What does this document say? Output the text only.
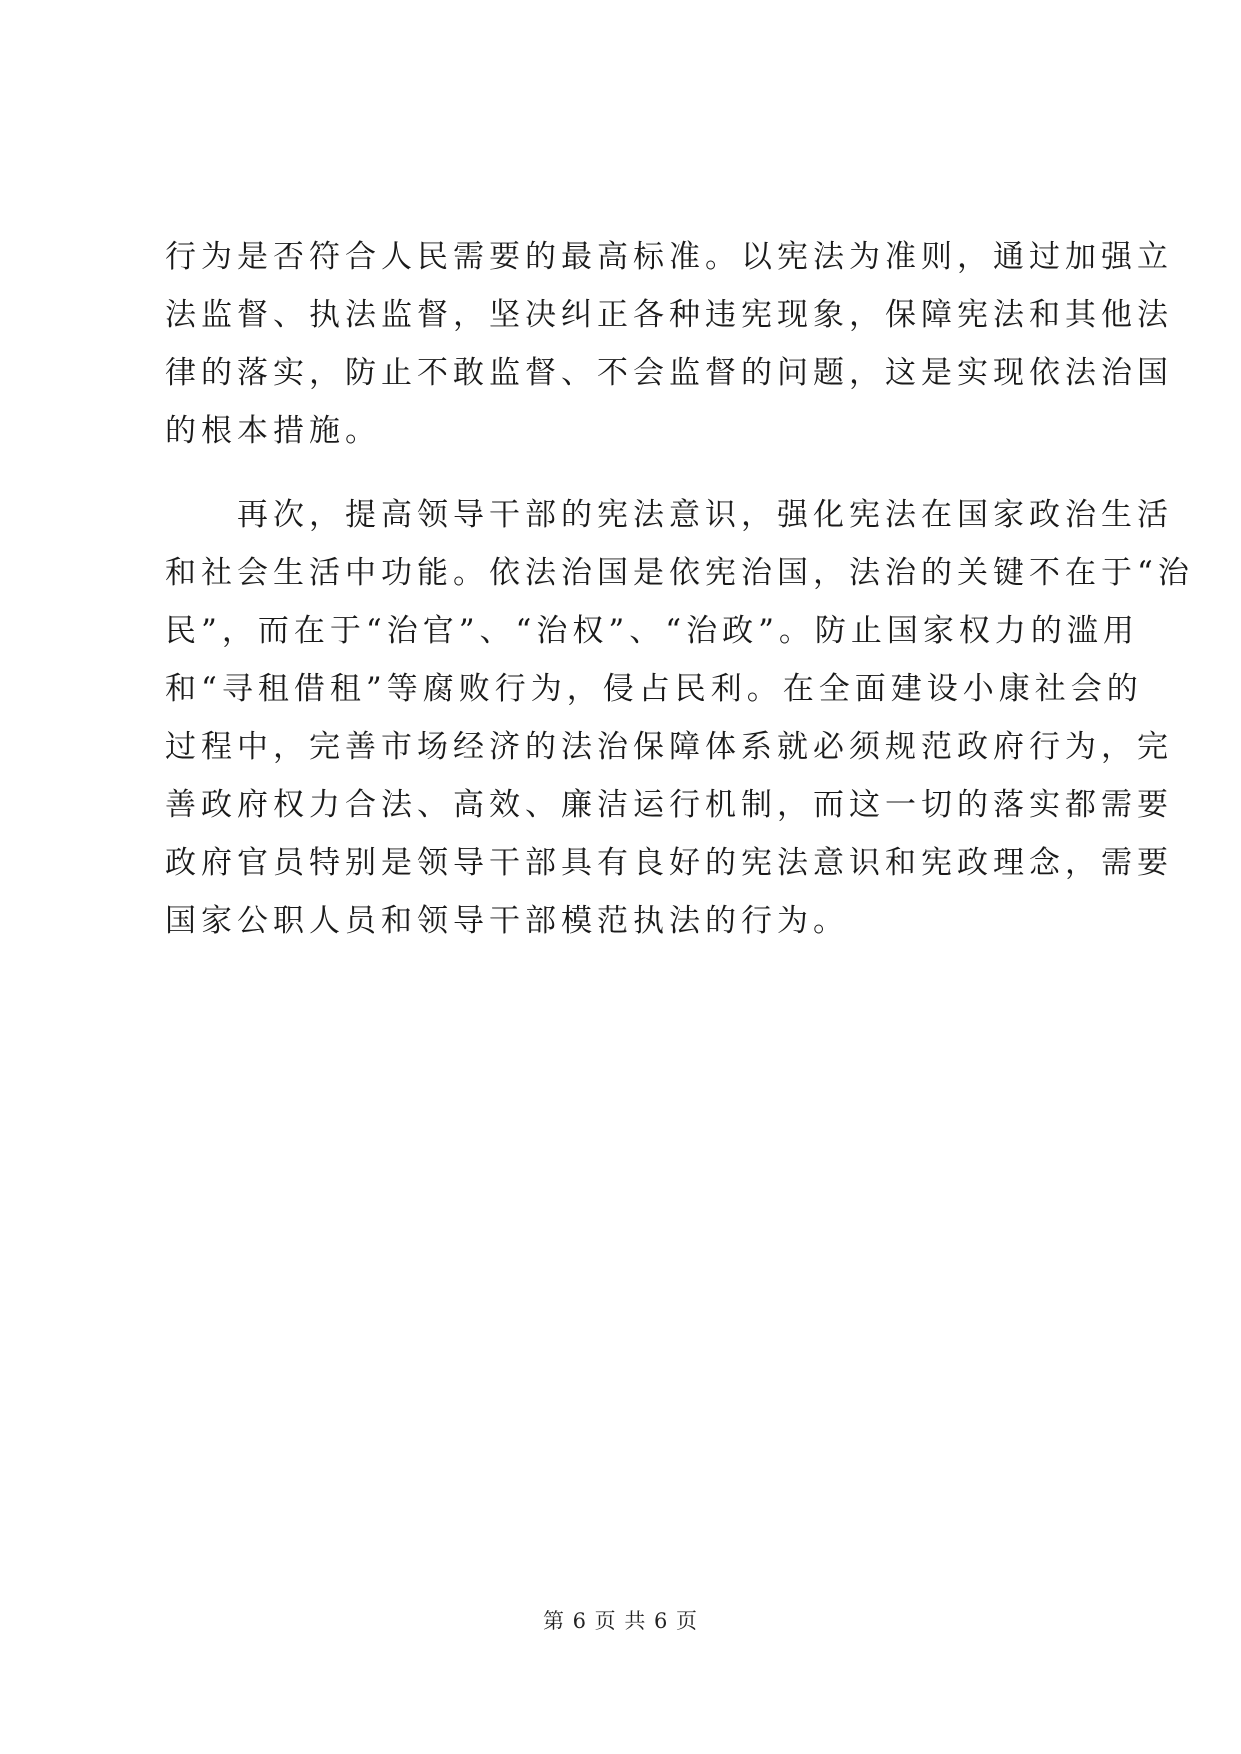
行为是否符合人民需要的最高标准。以宪法为准则，通过加强立
法监督、执法监督，坚决纠正各种违宪现象，保障宪法和其他法
律的落实，防止不敢监督、不会监督的问题，这是实现依法治国
的根本措施。
再次，提高领导干部的宪法意识，强化宪法在国家政治生活
和社会生活中功能。依法治国是依宪治国，法治的关键不在于“治
民”，而在于“治官”、“治权”、“治政”。防止国家权力的滥用
和“寻租借租”等腐败行为，侵占民利。在全面建设小康社会的
过程中，完善市场经济的法治保障体系就必须规范政府行为，完
善政府权力合法、高效、廉洁运行机制，而这一切的落实都需要
政府官员特别是领导干部具有良好的宪法意识和宪政理念，需要
国家公职人员和领导干部模范执法的行为。
第 6 页 共 6 页
